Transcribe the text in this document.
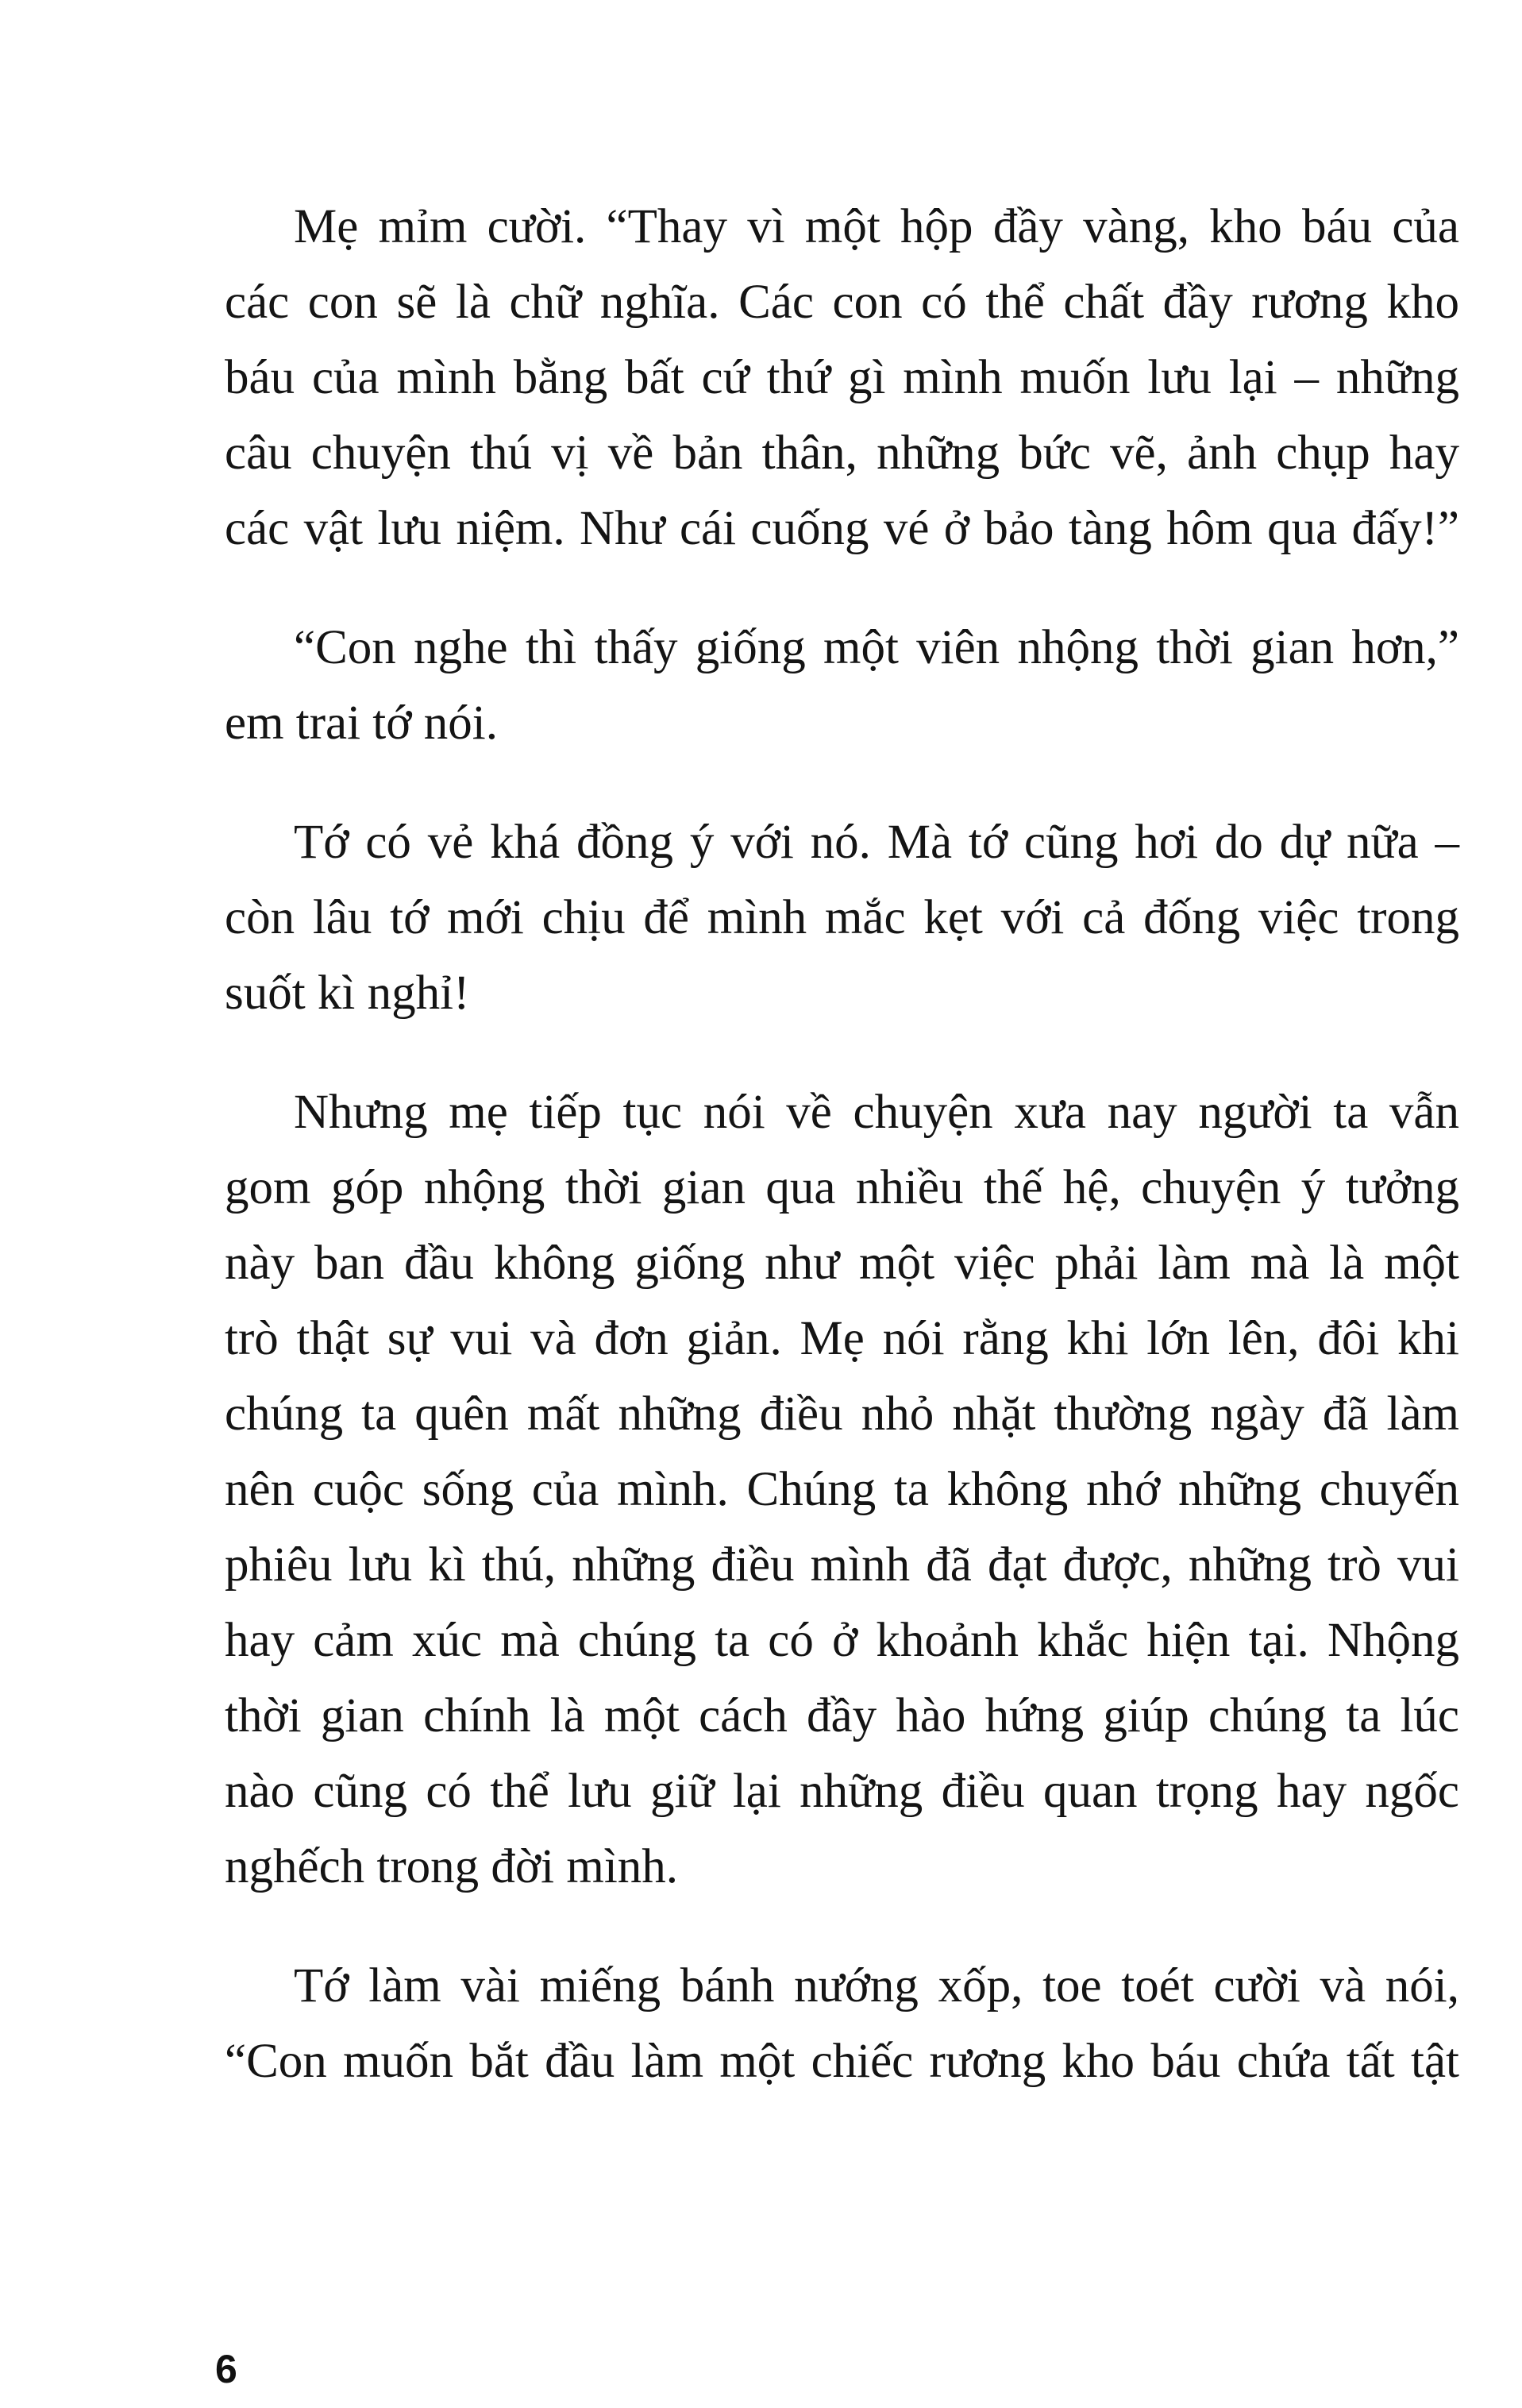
Mẹ mỉm cười. “Thay vì một hộp đầy vàng, kho báu của
các con sẽ là chữ nghĩa. Các con có thể chất đầy rương kho
báu của mình bằng bất cứ thứ gì mình muốn lưu lại – những
câu chuyện thú vị về bản thân, những bức vẽ, ảnh chụp hay
các vật lưu niệm. Như cái cuống vé ở bảo tàng hôm qua đấy!”

“Con nghe thì thấy giống một viên nhộng thời gian hơn,”
em trai tớ nói.

Tớ có vẻ khá đồng ý với nó. Mà tớ cũng hơi do dự nữa –
còn lâu tớ mới chịu để mình mắc kẹt với cả đống việc trong
suốt kì nghỉ!

Nhưng mẹ tiếp tục nói về chuyện xưa nay người ta vẫn
gom góp nhộng thời gian qua nhiều thế hệ, chuyện ý tưởng
này ban đầu không giống như một việc phải làm mà là một
trò thật sự vui và đơn giản. Mẹ nói rằng khi lớn lên, đôi khi
chúng ta quên mất những điều nhỏ nhặt thường ngày đã làm
nên cuộc sống của mình. Chúng ta không nhớ những chuyến
phiêu lưu kì thú, những điều mình đã đạt được, những trò vui
hay cảm xúc mà chúng ta có ở khoảnh khắc hiện tại. Nhộng
thời gian chính là một cách đầy hào hứng giúp chúng ta lúc
nào cũng có thể lưu giữ lại những điều quan trọng hay ngốc
nghếch trong đời mình.

Tớ làm vài miếng bánh nướng xốp, toe toét cười và nói,
“Con muốn bắt đầu làm một chiếc rương kho báu chứa tất tật

6
